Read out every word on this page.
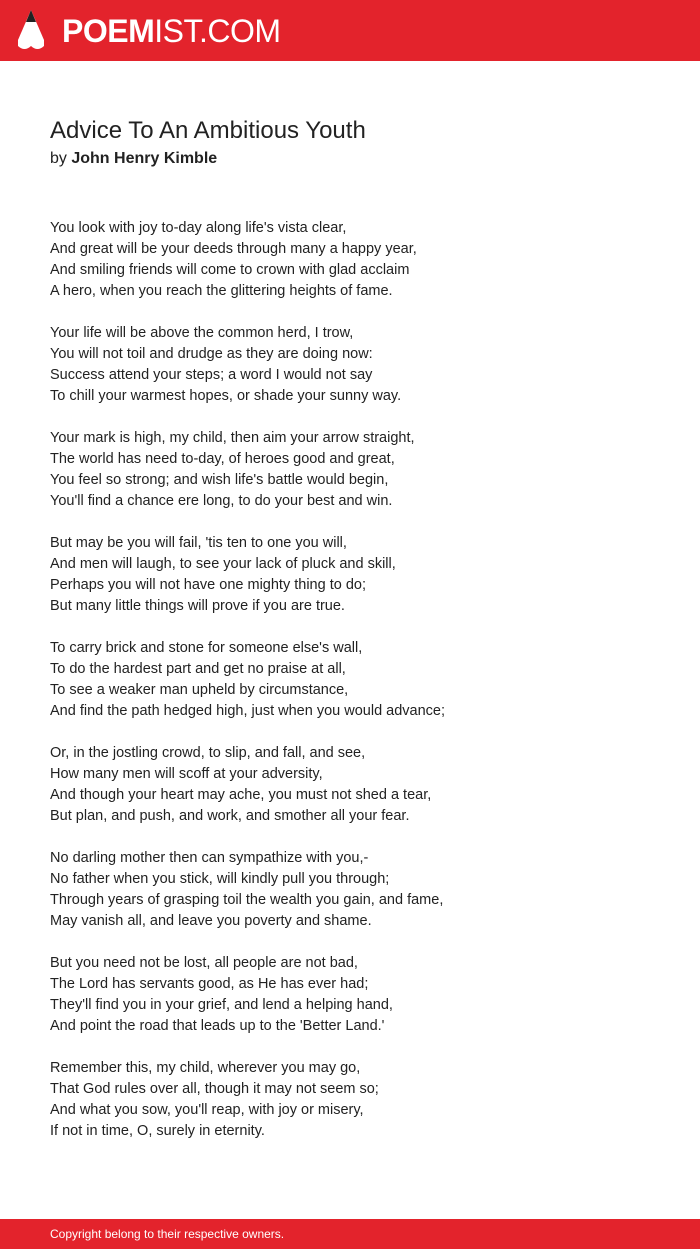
POEMIST.COM
Advice To An Ambitious Youth
by John Henry Kimble
You look with joy to-day along life's vista clear,
And great will be your deeds through many a happy year,
And smiling friends will come to crown with glad acclaim
A hero, when you reach the glittering heights of fame.
Your life will be above the common herd, I trow,
You will not toil and drudge as they are doing now:
Success attend your steps; a word I would not say
To chill your warmest hopes, or shade your sunny way.
Your mark is high, my child, then aim your arrow straight,
The world has need to-day, of heroes good and great,
You feel so strong; and wish life's battle would begin,
You'll find a chance ere long, to do your best and win.
But may be you will fail, 'tis ten to one you will,
And men will laugh, to see your lack of pluck and skill,
Perhaps you will not have one mighty thing to do;
But many little things will prove if you are true.
To carry brick and stone for someone else's wall,
To do the hardest part and get no praise at all,
To see a weaker man upheld by circumstance,
And find the path hedged high, just when you would advance;
Or, in the jostling crowd, to slip, and fall, and see,
How many men will scoff at your adversity,
And though your heart may ache, you must not shed a tear,
But plan, and push, and work, and smother all your fear.
No darling mother then can sympathize with you,-
No father when you stick, will kindly pull you through;
Through years of grasping toil the wealth you gain, and fame,
May vanish all, and leave you poverty and shame.
But you need not be lost, all people are not bad,
The Lord has servants good, as He has ever had;
They'll find you in your grief, and lend a helping hand,
And point the road that leads up to the 'Better Land.'
Remember this, my child, wherever you may go,
That God rules over all, though it may not seem so;
And what you sow, you'll reap, with joy or misery,
If not in time, O, surely in eternity.
Copyright belong to their respective owners.
